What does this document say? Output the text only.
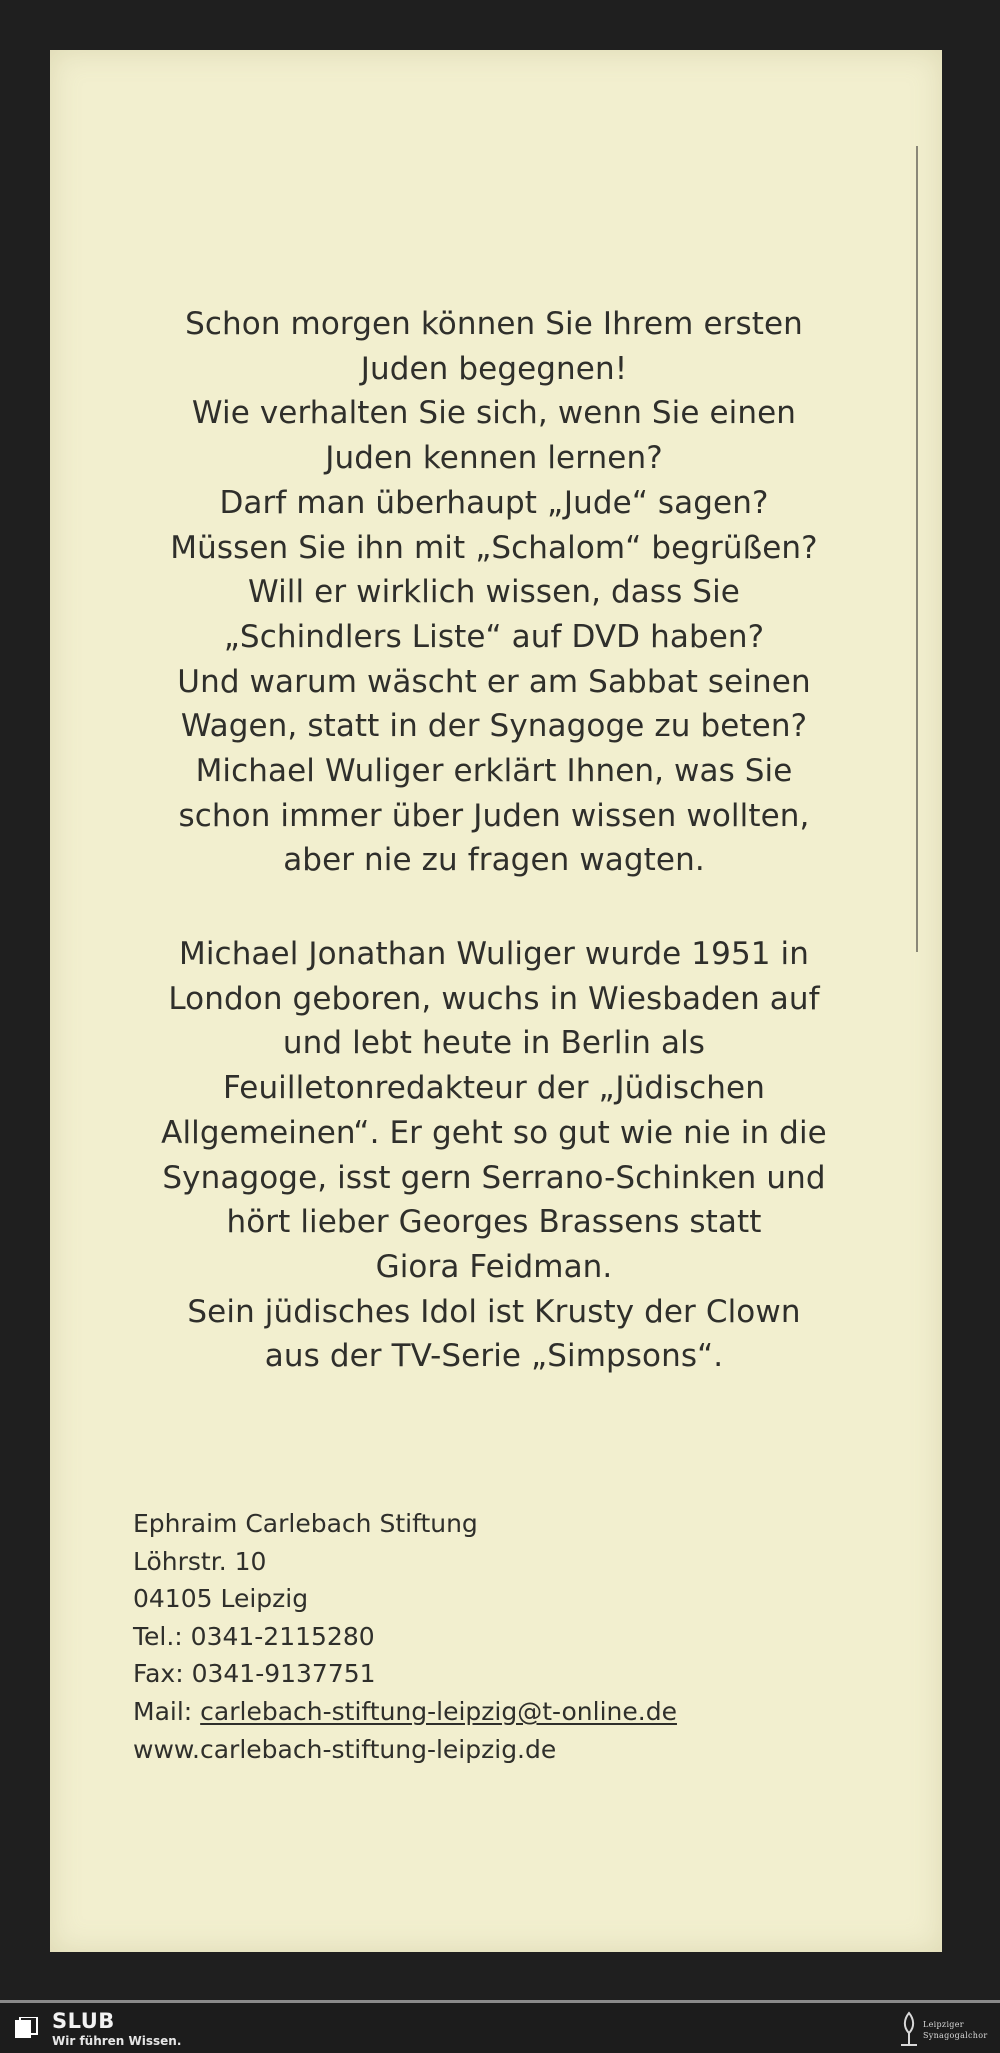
Schon morgen können Sie Ihrem ersten
Juden begegnen!
Wie verhalten Sie sich, wenn Sie einen
Juden kennen lernen?
Darf man überhaupt „Jude“ sagen?
Müssen Sie ihn mit „Schalom“ begrüßen?
Will er wirklich wissen, dass Sie
„Schindlers Liste“ auf DVD haben?
Und warum wäscht er am Sabbat seinen
Wagen, statt in der Synagoge zu beten?
Michael Wuliger erklärt Ihnen, was Sie
schon immer über Juden wissen wollten,
aber nie zu fragen wagten.
Michael Jonathan Wuliger wurde 1951 in
London geboren, wuchs in Wiesbaden auf
und lebt heute in Berlin als
Feuilletonredakteur der „Jüdischen
Allgemeinen“. Er geht so gut wie nie in die
Synagoge, isst gern Serrano-Schinken und
hört lieber Georges Brassens statt
Giora Feidman.
Sein jüdisches Idol ist Krusty der Clown
aus der TV-Serie „Simpsons“.
Ephraim Carlebach Stiftung
Löhrstr. 10
04105 Leipzig
Tel.: 0341-2115280
Fax: 0341-9137751
Mail: carlebach-stiftung-leipzig@t-online.de
www.carlebach-stiftung-leipzig.de
SLUB
Wir führen Wissen.
Leipziger
Synagogalchor
